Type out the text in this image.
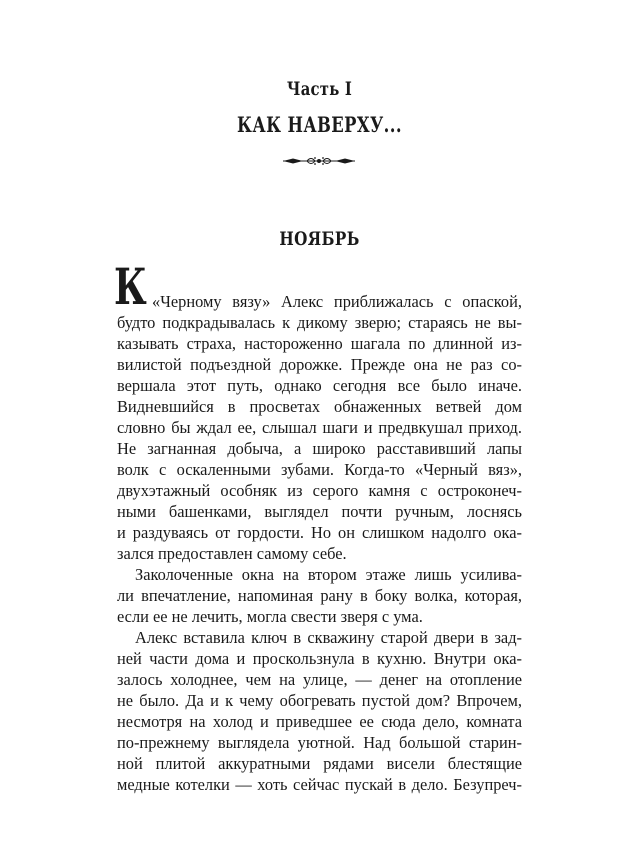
Часть I
КАК НАВЕРХУ...
НОЯБРЬ
К «Черному вязу» Алекс приближалась с опаской,
будто подкрадывалась к дикому зверю; стараясь не вы-
казывать страха, настороженно шагала по длинной из-
вилистой подъездной дорожке. Прежде она не раз со-
вершала этот путь, однако сегодня все было иначе.
Видневшийся в просветах обнаженных ветвей дом
словно бы ждал ее, слышал шаги и предвкушал приход.
Не загнанная добыча, а широко расставивший лапы
волк с оскаленными зубами. Когда-то «Черный вяз»,
двухэтажный особняк из серого камня с остроконеч-
ными башенками, выглядел почти ручным, лоснясь
и раздуваясь от гордости. Но он слишком надолго ока-
зался предоставлен самому себе.
Заколоченные окна на втором этаже лишь усилива-
ли впечатление, напоминая рану в боку волка, которая,
если ее не лечить, могла свести зверя с ума.
Алекс вставила ключ в скважину старой двери в зад-
ней части дома и проскользнула в кухню. Внутри ока-
залось холоднее, чем на улице, — денег на отопление
не было. Да и к чему обогревать пустой дом? Впрочем,
несмотря на холод и приведшее ее сюда дело, комната
по-прежнему выглядела уютной. Над большой старин-
ной плитой аккуратными рядами висели блестящие
медные котелки — хоть сейчас пускай в дело. Безупреч-
